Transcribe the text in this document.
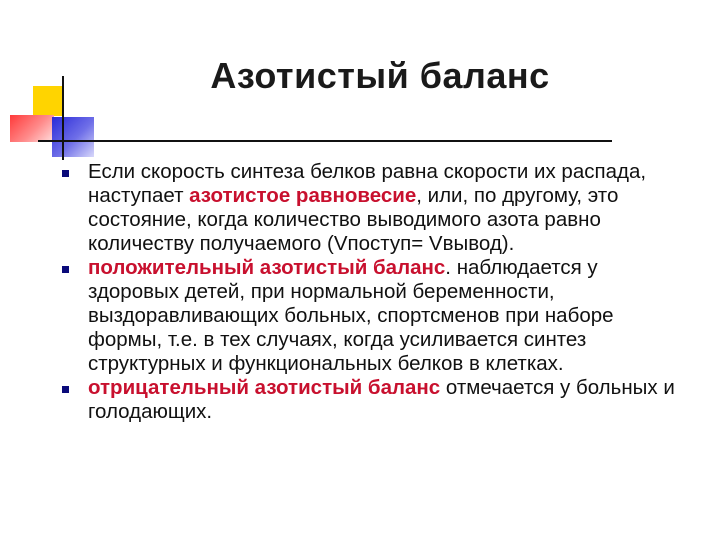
Азотистый баланс
Если скорость синтеза белков равна скорости их распада, наступает азотистое равновесие, или, по другому, это состояние, когда количество выводимого азота равно количеству получаемого (Vпоступ= Vвывод).
положительный азотистый баланс. наблюдается у здоровых детей, при нормальной беременности, выздоравливающих больных, спортсменов при наборе формы, т.е. в тех случаях, когда усиливается синтез структурных и функциональных белков в клетках.
отрицательный азотистый баланс отмечается у больных и голодающих.
